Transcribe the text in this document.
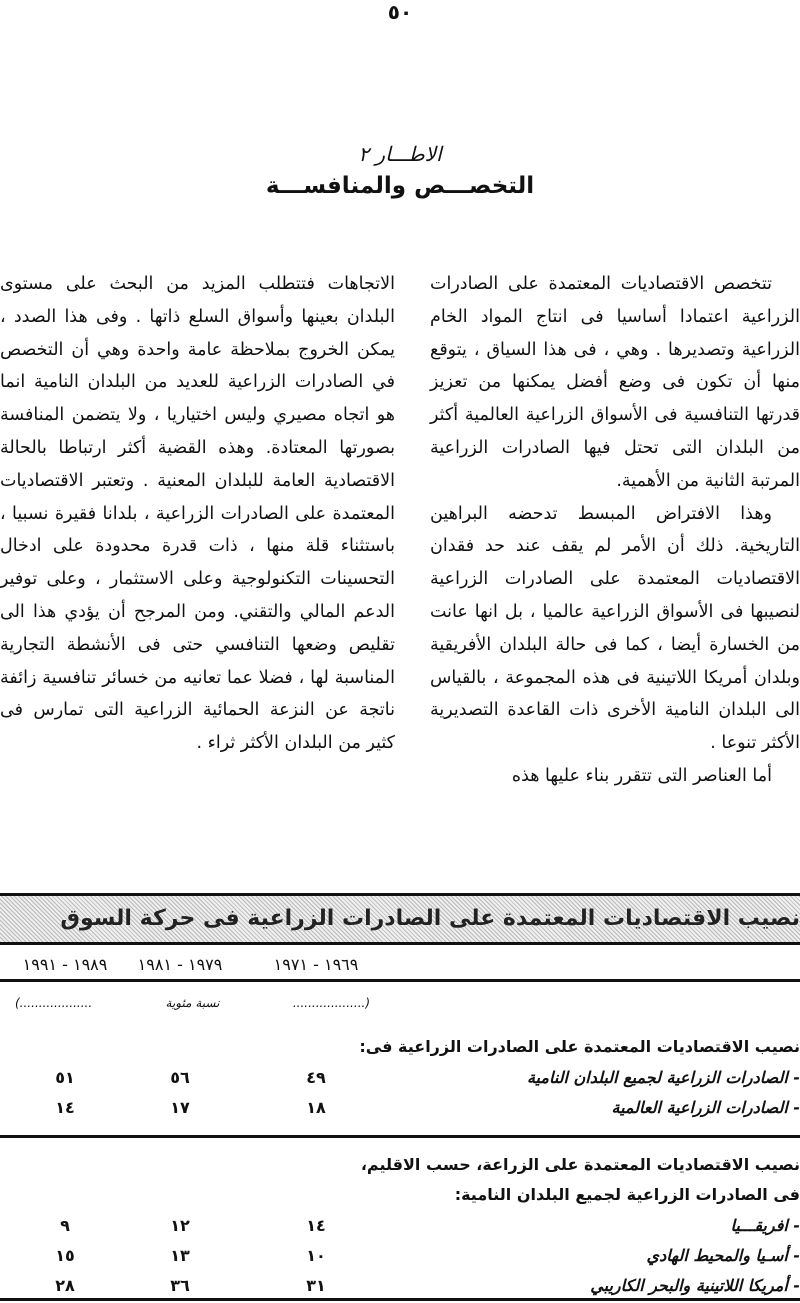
٥٠
الاطـــار ٢
التخصـــص والمنافســـة

تتخصص الاقتصاديات المعتمدة على الصادرات الزراعية اعتمادا أساسيا فى انتاج المواد الخام الزراعية وتصديرها . وهي ، فى هذا السياق ، يتوقع منها أن تكون فى وضع أفضل يمكنها من تعزيز قدرتها التنافسية فى الأسواق الزراعية العالمية أكثر من البلدان التى تحتل فيها الصادرات الزراعية المرتبة الثانية من الأهمية.

وهذا الافتراض المبسط تدحضه البراهين التاريخية. ذلك أن الأمر لم يقف عند حد فقدان الاقتصاديات المعتمدة على الصادرات الزراعية لنصيبها فى الأسواق الزراعية عالميا ، بل انها عانت من الخسارة أيضا ، كما فى حالة البلدان الأفريقية وبلدان أمريكا اللاتينية فى هذه المجموعة ، بالقياس الى البلدان النامية الأخرى ذات القاعدة التصديرية الأكثر تنوعا .

أما العناصر التى تتقرر بناء عليها هذه

الاتجاهات فتتطلب المزيد من البحث على مستوى البلدان بعينها وأسواق السلع ذاتها . وفى هذا الصدد ، يمكن الخروج بملاحظة عامة واحدة وهي أن التخصص في الصادرات الزراعية للعديد من البلدان النامية انما هو اتجاه مصيري وليس اختياريا ، ولا يتضمن المنافسة بصورتها المعتادة. وهذه القضية أكثر ارتباطا بالحالة الاقتصادية العامة للبلدان المعنية . وتعتبر الاقتصاديات المعتمدة على الصادرات الزراعية ، بلدانا فقيرة نسبيا ، باستثناء قلة منها ، ذات قدرة محدودة على ادخال التحسينات التكنولوجية وعلى الاستثمار ، وعلى توفير الدعم المالي والتقني. ومن المرجح أن يؤدي هذا الى تقليص وضعها التنافسي حتى فى الأنشطة التجارية المناسبة لها ، فضلا عما تعانيه من خسائر تنافسية زائفة ناتجة عن النزعة الحمائية الزراعية التى تمارس فى كثير من البلدان الأكثر ثراء .

نصيب الاقتصاديات المعتمدة على الصادرات الزراعية فى حركة السوق
١٩٦٩ - ١٩٧١
١٩٧٩ - ١٩٨١
١٩٨٩ - ١٩٩١
(...................
نسبة مئوية
...................)
نصيب الاقتصاديات المعتمدة على الصادرات الزراعية فى:
- الصادرات الزراعية لجميع البلدان النامية
٤٩
٥٦
٥١
- الصادرات الزراعية العالمية
١٨
١٧
١٤
نصيب الاقتصاديات المعتمدة على الزراعة، حسب الاقليم،
فى الصادرات الزراعية لجميع البلدان النامية:
- افريقـــيا
١٤
١٢
٩
- أسـيا والمحيط الهادي
١٠
١٣
١٥
- أمريكا اللاتينية والبحر الكاريبي
٣١
٣٦
٢٨
